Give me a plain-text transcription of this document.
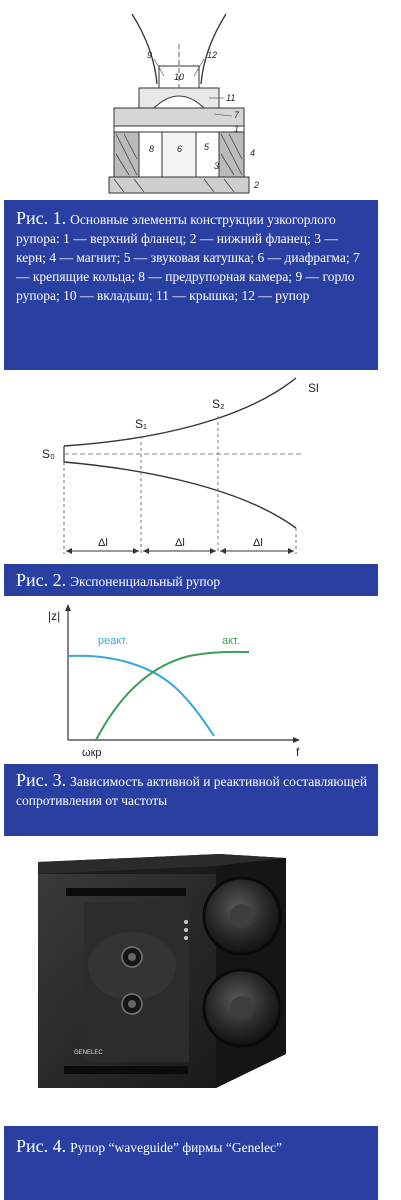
9	12
10
11
7
1
8	6 5
4
3
2
Рис. 1. Основные элементы конструкции узкогорлого рупора: 1 — верхний фланец; 2 — нижний фланец; 3 — керн; 4 — магнит; 5 — звуковая катушка; 6 — диафрагма; 7 — крепящие кольца; 8 — предрупорная камера; 9 — горло рупора; 10 — вкладыш; 11 — крышка; 12 — рупор
S₀
S₁
S₂
Sl
Δl	Δl	Δl
Рис. 2. Экспоненциальный рупор
|z|
f
реакт.	акт.
ωкр
Рис. 3. Зависимость активной и реактивной составляющей сопротивления от частоты
GENELEC
Рис. 4. Рупор “waveguide” фирмы “Genelec”
